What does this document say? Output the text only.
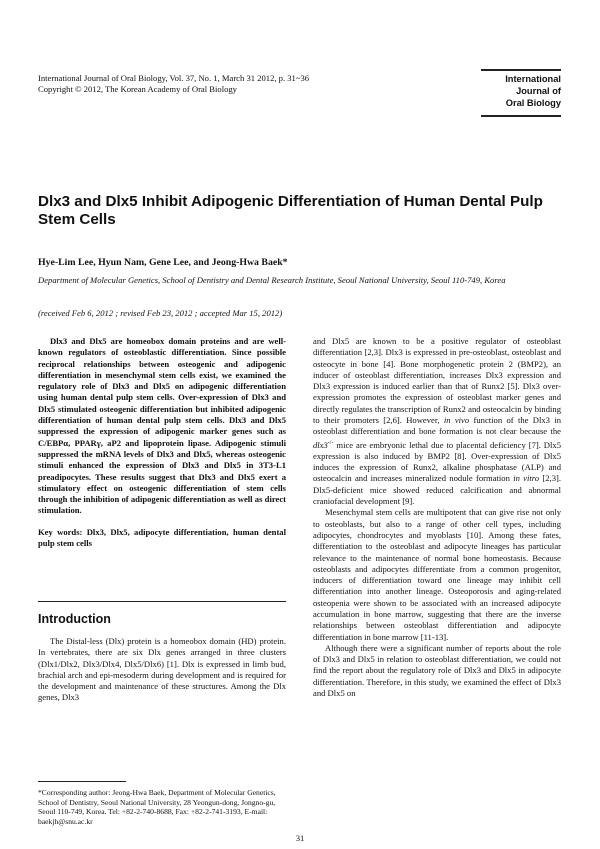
International Journal of Oral Biology, Vol. 37, No. 1, March 31 2012, p. 31~36
Copyright © 2012, The Korean Academy of Oral Biology
International
Journal of
Oral Biology
Dlx3 and Dlx5 Inhibit Adipogenic Differentiation of Human Dental Pulp Stem Cells
Hye-Lim Lee, Hyun Nam, Gene Lee, and Jeong-Hwa Baek*
Department of Molecular Genetics, School of Dentistry and Dental Research Institute, Seoul National University, Seoul 110-749, Korea
(received Feb 6, 2012 ; revised Feb 23, 2012 ; accepted Mar 15, 2012)

Dlx3 and Dlx5 are homeobox domain proteins and are well-known regulators of osteoblastic differentiation. Since possible reciprocal relationships between osteogenic and adipogenic differentiation in mesenchymal stem cells exist, we examined the regulatory role of Dlx3 and Dlx5 on adipogenic differentiation using human dental pulp stem cells. Over-expression of Dlx3 and Dlx5 stimulated osteogenic differentiation but inhibited adipogenic differentiation of human dental pulp stem cells. Dlx3 and Dlx5 suppressed the expression of adipogenic marker genes such as C/EBPα, PPARγ, aP2 and lipoprotein lipase. Adipogenic stimuli suppressed the mRNA levels of Dlx3 and Dlx5, whereas osteogenic stimuli enhanced the expression of Dlx3 and Dlx5 in 3T3-L1 preadipocytes. These results suggest that Dlx3 and Dlx5 exert a stimulatory effect on osteogenic differentiation of stem cells through the inhibition of adipogenic differentiation as well as direct stimulation.

Key words: Dlx3, Dlx5, adipocyte differentiation, human dental pulp stem cells

Introduction

The Distal-less (Dlx) protein is a homeobox domain (HD) protein. In vertebrates, there are six Dlx genes arranged in three clusters (Dlx1/Dlx2, Dlx3/Dlx4, Dlx5/Dlx6) [1]. Dlx is expressed in limb bud, brachial arch and epi-mesoderm during development and is required for the development and maintenance of these structures. Among the Dlx genes, Dlx3

*Corresponding author: Jeong-Hwa Baek, Department of Molecular Genetics, School of Dentistry, Seoul National University, 28 Yeongun-dong, Jongno-gu, Seoul 110-749, Korea. Tel: +82-2-740-8688, Fax: +82-2-741-3193, E-mail: baekjh@snu.ac.kr

and Dlx5 are known to be a positive regulator of osteoblast differentiation [2,3]. Dlx3 is expressed in pre-osteoblast, osteoblast and osteocyte in bone [4]. Bone morphogenetic protein 2 (BMP2), an inducer of osteoblast differentiation, increases Dlx3 expression and Dlx3 expression is induced earlier than that of Runx2 [5]. Dlx3 over-expression promotes the expression of osteoblast marker genes and directly regulates the transcription of Runx2 and osteocalcin by binding to their promoters [2,6]. However, in vivo function of the Dlx3 in osteoblast differentiation and bone formation is not clear because the dlx3-/- mice are embryonic lethal due to placental deficiency [7]. Dlx5 expression is also induced by BMP2 [8]. Over-expression of Dlx5 induces the expression of Runx2, alkaline phosphatase (ALP) and osteocalcin and increases mineralized nodule formation in vitro [2,3]. Dlx5-deficient mice showed reduced calcification and abnormal craniofacial development [9].

Mesenchymal stem cells are multipotent that can give rise not only to osteoblasts, but also to a range of other cell types, including adipocytes, chondrocytes and myoblasts [10]. Among these fates, differentiation to the osteoblast and adipocyte lineages has particular relevance to the maintenance of normal bone homeostasis. Because osteoblasts and adipocytes differentiate from a common progenitor, inducers of differentiation toward one lineage may inhibit cell differentiation into another lineage. Osteoporosis and aging-related osteopenia were shown to be associated with an increased adipocyte accumulation in bone marrow, suggesting that there are the inverse relationships between osteoblast differentiation and adipocyte differentiation in bone marrow [11-13].

Although there were a significant number of reports about the role of Dlx3 and Dlx5 in relation to osteoblast differentiation, we could not find the report about the regulatory role of Dlx3 and Dlx5 in adipocyte differentiation. Therefore, in this study, we examined the effect of Dlx3 and Dlx5 on

31
